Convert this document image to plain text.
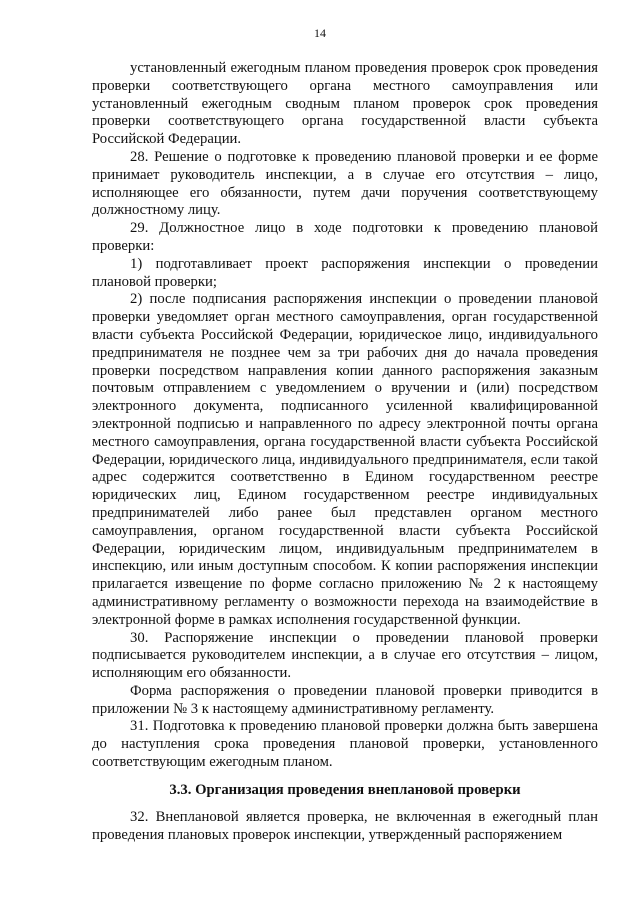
14

установленный ежегодным планом проведения проверок срок проведения проверки соответствующего органа местного самоуправления или установленный ежегодным сводным планом проверок срок проведения проверки соответствующего органа государственной власти субъекта Российской Федерации.

28. Решение о подготовке к проведению плановой проверки и ее форме принимает руководитель инспекции, а в случае его отсутствия – лицо, исполняющее его обязанности, путем дачи поручения соответствующему должностному лицу.

29. Должностное лицо в ходе подготовки к проведению плановой проверки:

1) подготавливает проект распоряжения инспекции о проведении плановой проверки;

2) после подписания распоряжения инспекции о проведении плановой проверки уведомляет орган местного самоуправления, орган государственной власти субъекта Российской Федерации, юридическое лицо, индивидуального предпринимателя не позднее чем за три рабочих дня до начала проведения проверки посредством направления копии данного распоряжения заказным почтовым отправлением с уведомлением о вручении и (или) посредством электронного документа, подписанного усиленной квалифицированной электронной подписью и направленного по адресу электронной почты органа местного самоуправления, органа государственной власти субъекта Российской Федерации, юридического лица, индивидуального предпринимателя, если такой адрес содержится соответственно в Едином государственном реестре юридических лиц, Едином государственном реестре индивидуальных предпринимателей либо ранее был представлен органом местного самоуправления, органом государственной власти субъекта Российской Федерации, юридическим лицом, индивидуальным предпринимателем в инспекцию, или иным доступным способом. К копии распоряжения инспекции прилагается извещение по форме согласно приложению № 2 к настоящему административному регламенту о возможности перехода на взаимодействие в электронной форме в рамках исполнения государственной функции.

30. Распоряжение инспекции о проведении плановой проверки подписывается руководителем инспекции, а в случае его отсутствия – лицом, исполняющим его обязанности.

Форма распоряжения о проведении плановой проверки приводится в приложении № 3 к настоящему административному регламенту.

31. Подготовка к проведению плановой проверки должна быть завершена до наступления срока проведения плановой проверки, установленного соответствующим ежегодным планом.

3.3. Организация проведения внеплановой проверки

32. Внеплановой является проверка, не включенная в ежегодный план проведения плановых проверок инспекции, утвержденный распоряжением
